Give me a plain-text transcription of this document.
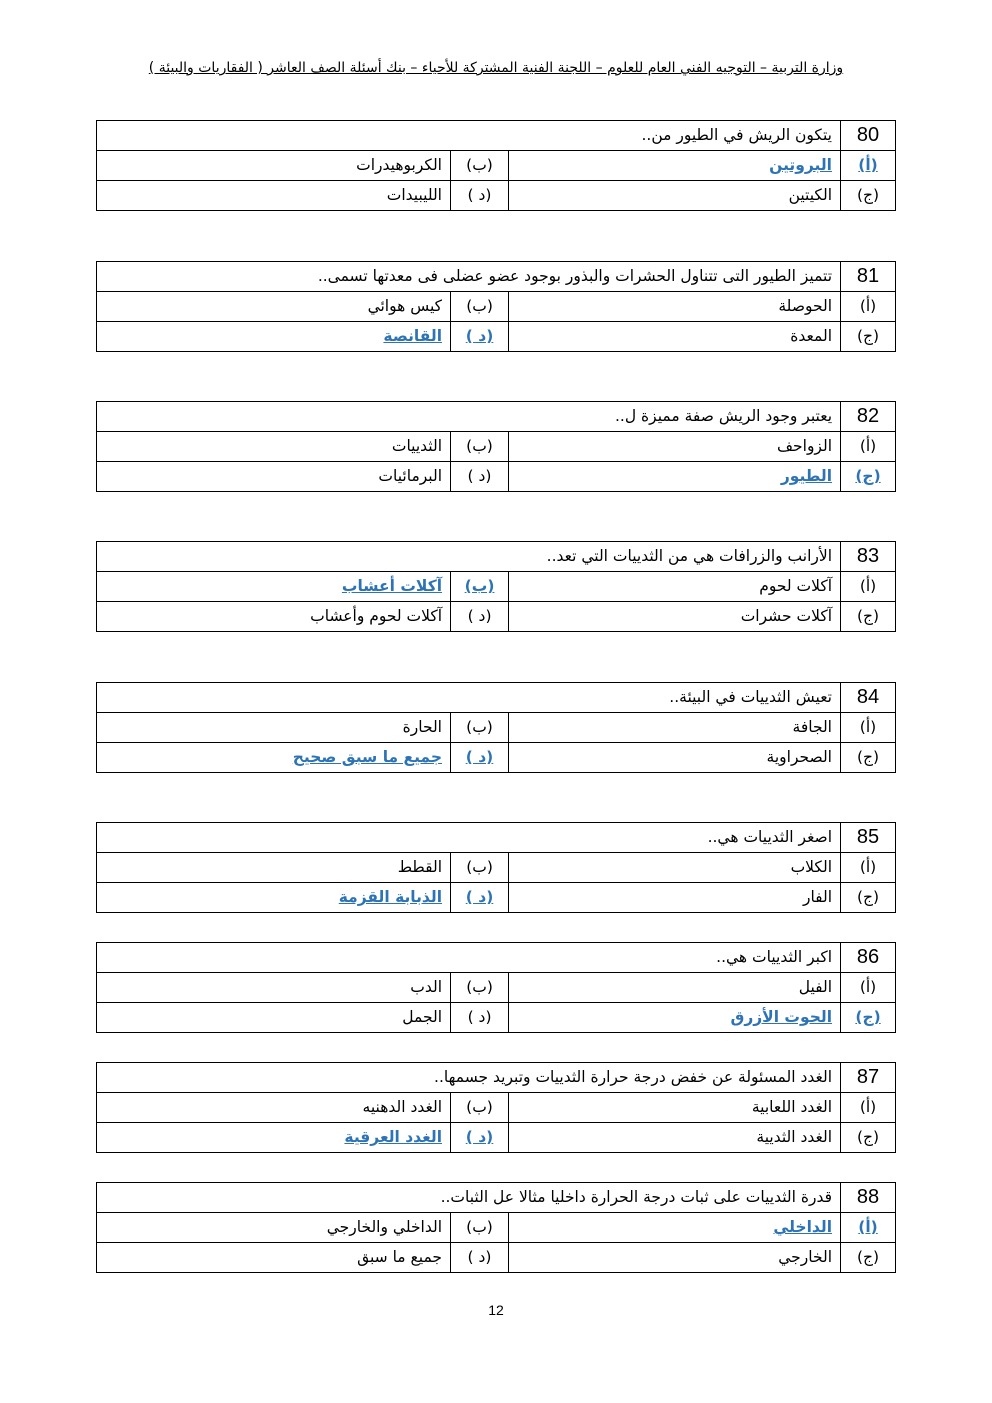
وزارة التربية – التوجيه الفني العام للعلوم – اللجنة الفنية المشتركة للأحياء – بنك أسئلة الصف العاشر ( الفقاريات والبيئة )
80	يتكون الريش في الطيور من..		
(أ)	البروتين	(ب)	الكربوهيدرات
(ج)	الكيتين	(د )	الليبيدات
81	تتميز الطيور التى تتناول الحشرات والبذور بوجود عضو عضلى فى معدتها تسمى..		
(أ)	الحوصلة	(ب)	كيس هوائي
(ج)	المعدة	(د )	القانصة
82	يعتبر وجود الريش صفة مميزة ل..		
(أ)	الزواحف	(ب)	الثدييات
(ج)	الطيور	(د )	البرمائيات
83	الأرانب والزرافات هي من الثدييات التي تعد..		
(أ)	آكلات لحوم	(ب)	آكلات أعشاب
(ج)	آكلات حشرات	(د )	آكلات لحوم وأعشاب
84	تعيش الثدييات في البيئة..		
(أ)	الجافة	(ب)	الحارة
(ج)	الصحراوية	(د )	جميع ما سبق صحيح
85	اصغر الثدييات هي..		
(أ)	الكلاب	(ب)	القطط
(ج)	الفار	(د )	الذبابة القزمة
86	اكبر الثدييات هي..		
(أ)	الفيل	(ب)	الدب
(ج)	الحوت الأزرق	(د )	الجمل
87	الغدد المسئولة عن خفض درجة حرارة الثدييات وتبريد جسمها..		
(أ)	الغدد اللعابية	(ب)	الغدد الدهنيه
(ج)	الغدد الثديية	(د )	الغدد العرقية
88	قدرة الثدييات على ثبات درجة الحرارة داخليا مثالا عل الثبات..		
(أ)	الداخلي	(ب)	الداخلي والخارجي
(ج)	الخارجي	(د )	جميع ما سبق
12
